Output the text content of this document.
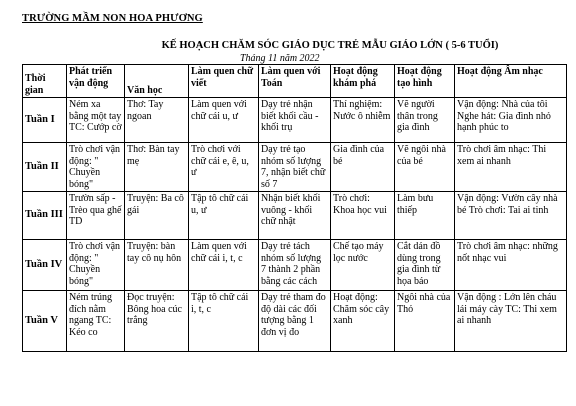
TRƯỜNG MẦM NON HOA PHƯƠNG
KẾ HOẠCH CHĂM SÓC GIÁO DỤC TRẺ MẪU GIÁO LỚN ( 5-6 TUỔI)
Tháng 11 năm 2022
Thời gian	Phát triển vận động	Văn học	Làm quen chữ viết	Làm quen với Toán	Hoạt động khám phá	Hoạt động tạo hình	Hoạt động Âm nhạc
Tuần I	Ném xa bằng một tay TC: Cướp cờ	Thơ: Tay ngoan	Làm quen với chữ cái u, ư	Dạy trẻ nhận biết khối cầu - khối trụ	Thí nghiệm: Nước ô nhiễm	Vẽ người thân trong gia đình	Vận động: Nhà của tôi Nghe hát: Gia đình nhỏ hạnh phúc to
Tuần II	Trò chơi vận động: " Chuyền bóng"	Thơ: Bàn tay mẹ	Trò chơi với chữ cái e, ê, u, ư	Dạy trẻ tạo nhóm số lượng 7, nhận biết chữ số 7	Gia đình của bé	Vẽ ngôi nhà của bé	Trò chơi âm nhạc: Thi xem ai nhanh
Tuần III	Trườn sấp - Trèo qua ghế TD	Truyện: Ba cô gái	Tập tô chữ cái u, ư	Nhận biết khối vuông - khối chữ nhật	Trò chơi: Khoa học vui	Làm bưu thiếp	Vận động: Vườn cây nhà bé Trò chơi: Tai ai tinh
Tuần IV	Trò chơi vận động: " Chuyền bóng"	Truyện: bàn tay cô nụ hôn	Làm quen với chữ cái i, t, c	Dạy trẻ tách nhóm số lượng 7 thành 2 phần bằng các cách	Chế tạo máy lọc nước	Cắt dán đồ dùng trong gia đình từ họa báo	Trò chơi âm nhạc: những nốt nhạc vui
Tuần V	Ném trúng đích nằm ngang TC: Kéo co	Đọc truyện: Bông hoa cúc trắng	Tập tô chữ cái i, t, c	Dạy trẻ tham đo độ dài các đối tượng bằng 1 đơn vị đo	Hoạt động: Chăm sóc cây xanh	Ngôi nhà của Thỏ	Vận động : Lớn lên cháu lái máy cày TC: Thi xem ai nhanh
